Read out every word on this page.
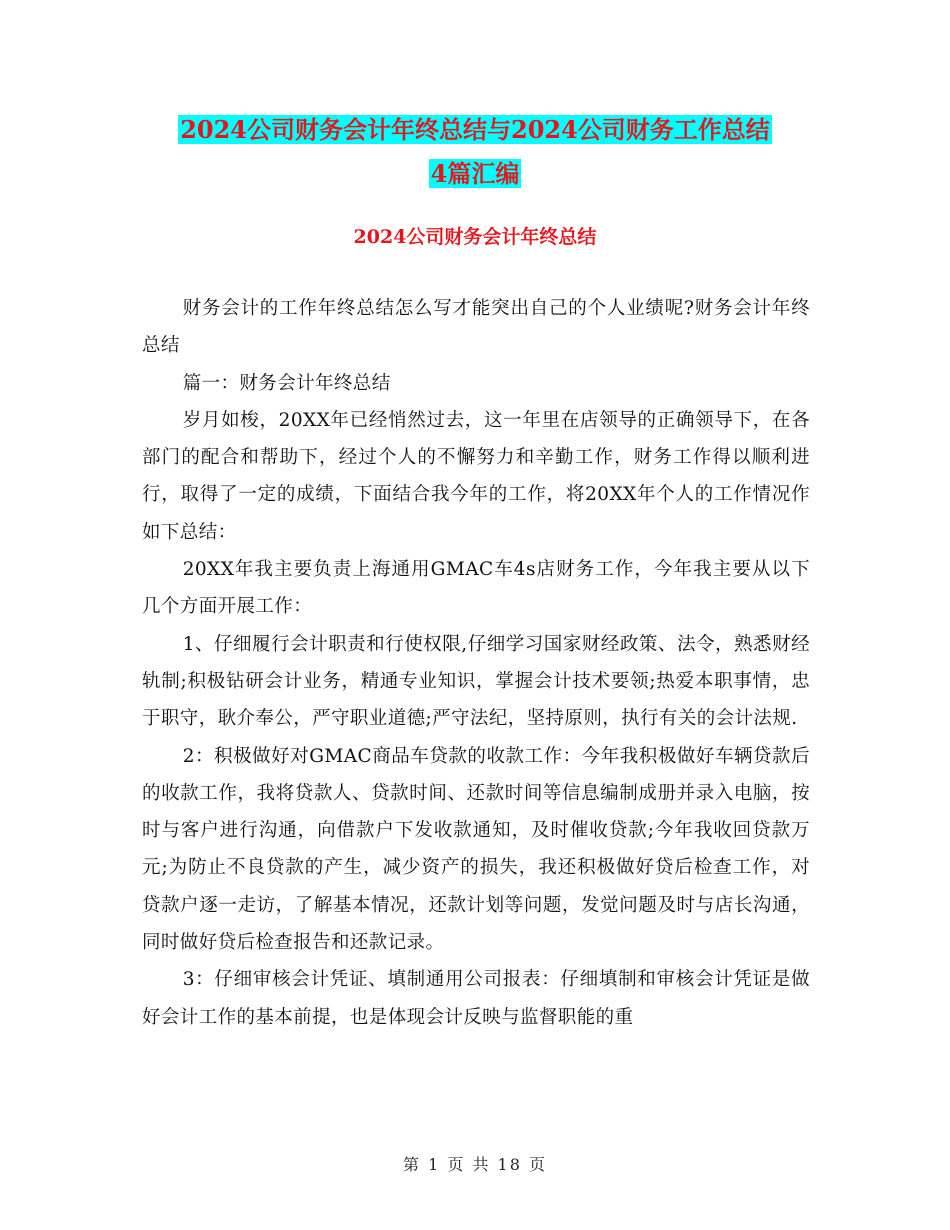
2024公司财务会计年终总结与2024公司财务工作总结
4篇汇编
2024公司财务会计年终总结

财务会计的工作年终总结怎么写才能突出自己的个人业绩呢?财务会计年终总结

篇一：财务会计年终总结

岁月如梭，20XX年已经悄然过去，这一年里在店领导的正确领导下，在各部门的配合和帮助下，经过个人的不懈努力和辛勤工作，财务工作得以顺利进行，取得了一定的成绩，下面结合我今年的工作，将20XX年个人的工作情况作如下总结：

20XX年我主要负责上海通用GMAC车4s店财务工作，今年我主要从以下几个方面开展工作：

1、仔细履行会计职责和行使权限,仔细学习国家财经政策、法令，熟悉财经轨制;积极钻研会计业务，精通专业知识，掌握会计技术要领;热爱本职事情，忠于职守，耿介奉公，严守职业道德;严守法纪，坚持原则，执行有关的会计法规.

2：积极做好对GMAC商品车贷款的收款工作：今年我积极做好车辆贷款后的收款工作，我将贷款人、贷款时间、还款时间等信息编制成册并录入电脑，按时与客户进行沟通，向借款户下发收款通知，及时催收贷款;今年我收回贷款万元;为防止不良贷款的产生，减少资产的损失，我还积极做好贷后检查工作，对贷款户逐一走访，了解基本情况，还款计划等问题，发觉问题及时与店长沟通，同时做好贷后检查报告和还款记录。

3：仔细审核会计凭证、填制通用公司报表：仔细填制和审核会计凭证是做好会计工作的基本前提，也是体现会计反映与监督职能的重

第 1 页 共 18 页
